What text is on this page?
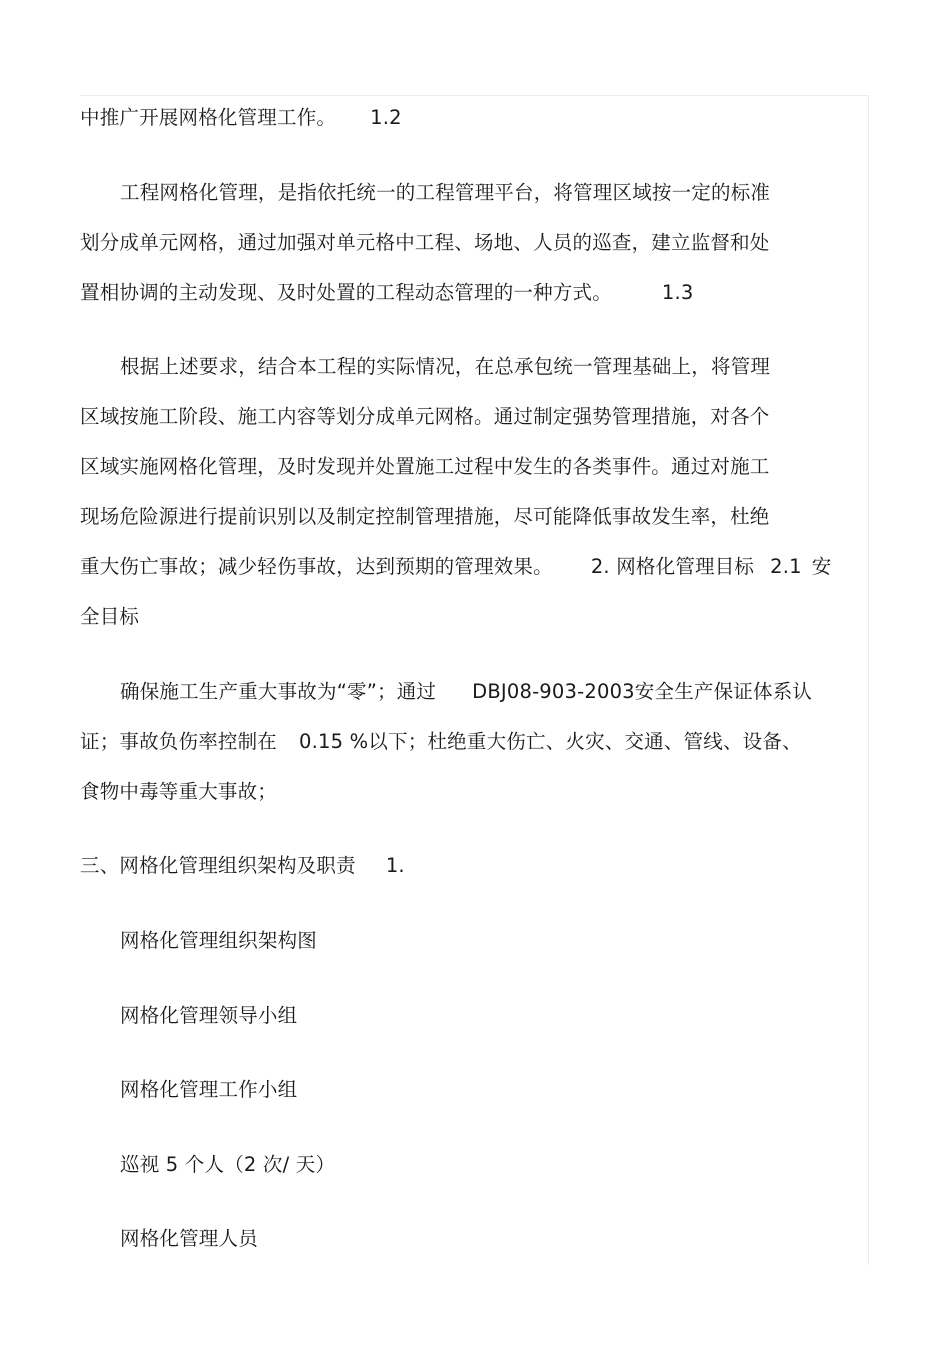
中推广开展网格化管理工作。 1.2
工程网格化管理，是指依托统一的工程管理平台，将管理区域按一定的标准
划分成单元网格，通过加强对单元格中工程、场地、人员的巡查，建立监督和处
置相协调的主动发现、及时处置的工程动态管理的一种方式。	1.3
根据上述要求，结合本工程的实际情况，在总承包统一管理基础上，将管理
区域按施工阶段、施工内容等划分成单元网格。通过制定强势管理措施，对各个
区域实施网格化管理，及时发现并处置施工过程中发生的各类事件。通过对施工
现场危险源进行提前识别以及制定控制管理措施，尽可能降低事故发生率，杜绝
重大伤亡事故；减少轻伤事故，达到预期的管理效果。 2. 网格化管理目标 2.1 安
全目标
确保施工生产重大事故为“零”；通过 DBJ08-903-2003安全生产保证体系认
证；事故负伤率控制在 0.15 %以下；杜绝重大伤亡、火灾、交通、管线、设备、
食物中毒等重大事故；
三、网格化管理组织架构及职责 1.
网格化管理组织架构图
网格化管理领导小组
网格化管理工作小组
巡视 5 个人（2 次/ 天）
网格化管理人员
